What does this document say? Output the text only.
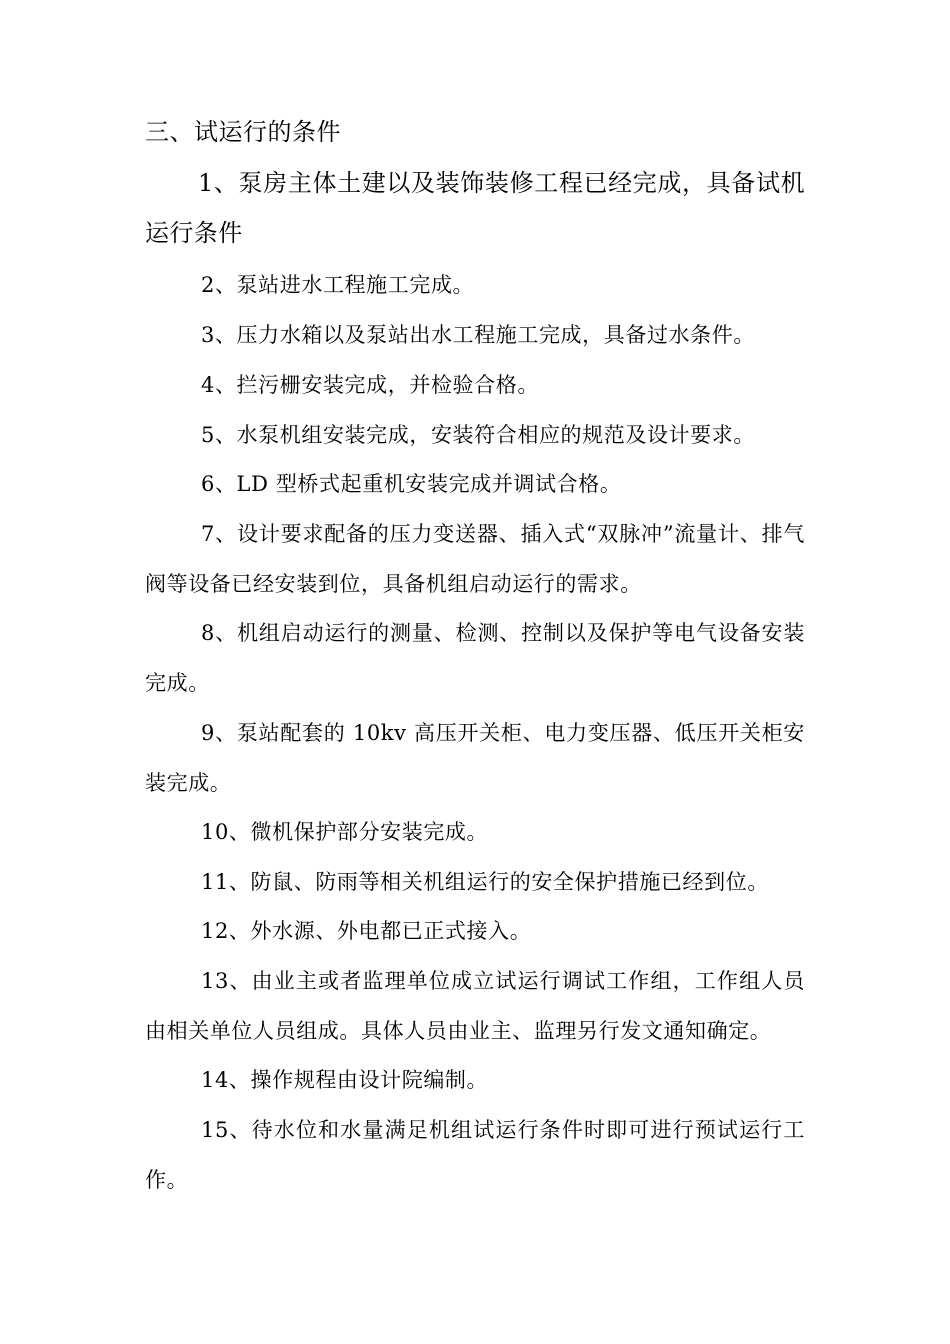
三、试运行的条件

1、泵房主体土建以及装饰装修工程已经完成，具备试机运行条件

2、泵站进水工程施工完成。

3、压力水箱以及泵站出水工程施工完成，具备过水条件。

4、拦污栅安装完成，并检验合格。

5、水泵机组安装完成，安装符合相应的规范及设计要求。

6、LD 型桥式起重机安装完成并调试合格。

7、设计要求配备的压力变送器、插入式“双脉冲”流量计、排气阀等设备已经安装到位，具备机组启动运行的需求。

8、机组启动运行的测量、检测、控制以及保护等电气设备安装完成。

9、泵站配套的 10kv 高压开关柜、电力变压器、低压开关柜安装完成。

10、微机保护部分安装完成。

11、防鼠、防雨等相关机组运行的安全保护措施已经到位。

12、外水源、外电都已正式接入。

13、由业主或者监理单位成立试运行调试工作组，工作组人员由相关单位人员组成。具体人员由业主、监理另行发文通知确定。

14、操作规程由设计院编制。

15、待水位和水量满足机组试运行条件时即可进行预试运行工作。
